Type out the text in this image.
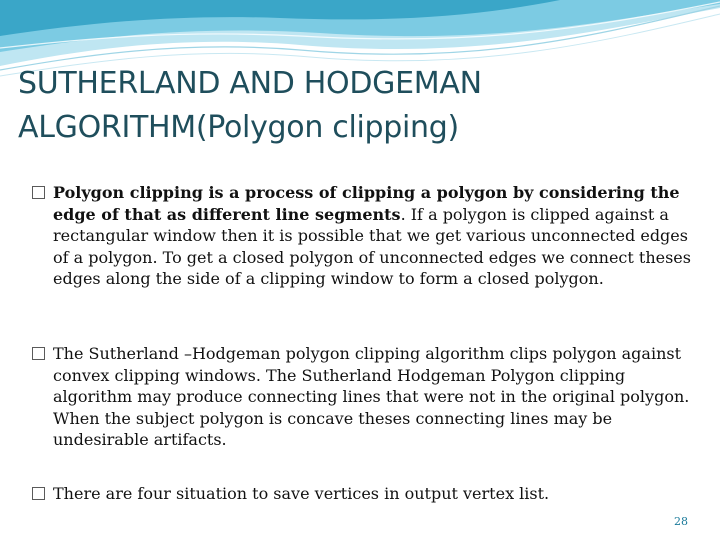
SUTHERLAND AND HODGEMAN
ALGORITHM(Polygon clipping)
Polygon clipping is a process of clipping a polygon by considering the edge of that as different line segments. If a polygon is clipped against a rectangular window then it is possible that we get various unconnected edges of a polygon. To get a closed polygon of unconnected edges we connect theses edges along the side of a clipping window to form a closed polygon.
The Sutherland –Hodgeman polygon clipping algorithm clips polygon against convex clipping windows. The Sutherland Hodgeman Polygon clipping algorithm may produce connecting lines that were not in the original polygon. When the subject polygon is concave theses connecting lines may be undesirable artifacts.
There are four situation to save vertices in output vertex list.
28
